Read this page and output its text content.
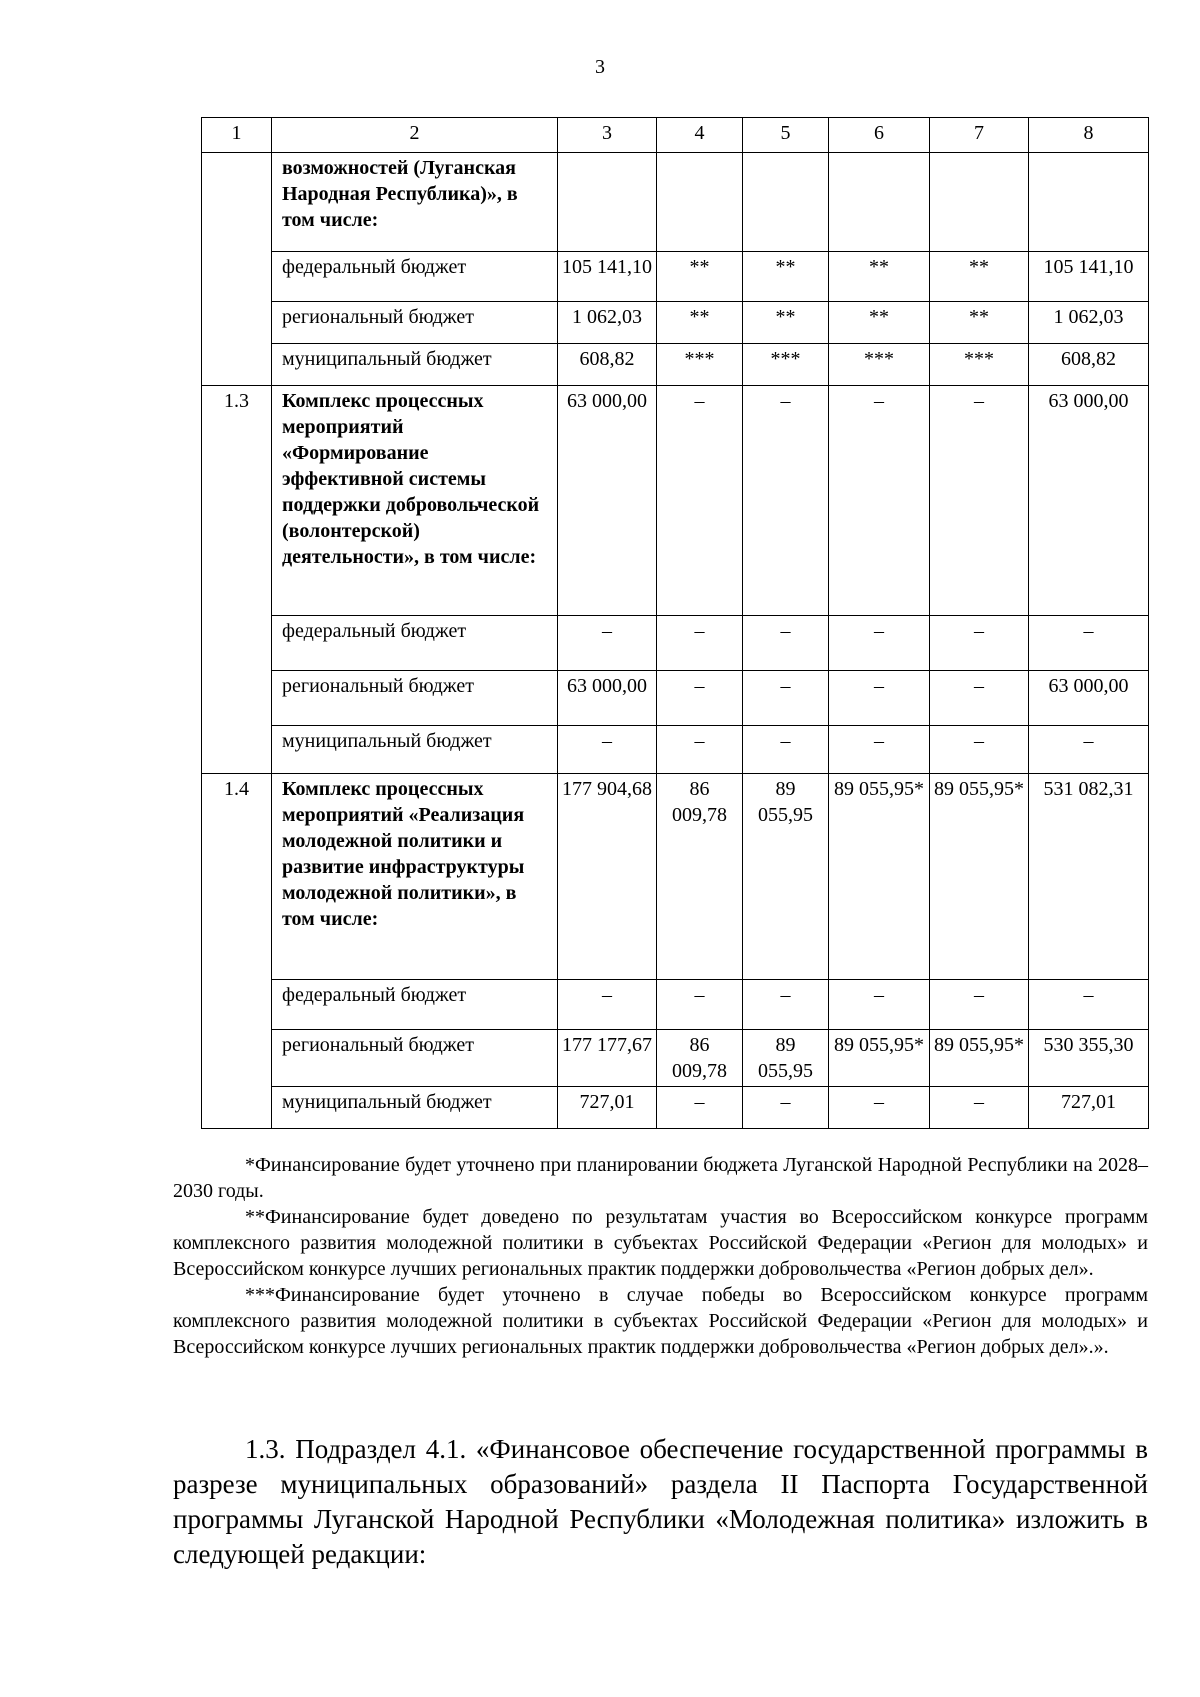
3
1	2	3	4	5	6	7	8
	возможностей (Луганская Народная Республика)», в том числе:						
	федеральный бюджет	105 141,10	**	**	**	**	105 141,10
	региональный бюджет	1 062,03	**	**	**	**	1 062,03
	муниципальный бюджет	608,82	***	***	***	***	608,82
1.3	Комплекс процессных мероприятий «Формирование эффективной системы поддержки добровольческой (волонтерской) деятельности», в том числе:	63 000,00	–	–	–	–	63 000,00
	федеральный бюджет	–	–	–	–	–	–
	региональный бюджет	63 000,00	–	–	–	–	63 000,00
	муниципальный бюджет	–	–	–	–	–	–
1.4	Комплекс процессных мероприятий «Реализация молодежной политики и развитие инфраструктуры молодежной политики», в том числе:	177 904,68	86 009,78	89 055,95	89 055,95*	89 055,95*	531 082,31
	федеральный бюджет	–	–	–	–	–	–
	региональный бюджет	177 177,67	86 009,78	89 055,95	89 055,95*	89 055,95*	530 355,30
	муниципальный бюджет	727,01	–	–	–	–	727,01

*Финансирование будет уточнено при планировании бюджета Луганской Народной Республики на 2028–2030 годы.

**Финансирование будет доведено по результатам участия во Всероссийском конкурсе программ комплексного развития молодежной политики в субъектах Российской Федерации «Регион для молодых» и Всероссийском конкурсе лучших региональных практик поддержки добровольчества «Регион добрых дел».

***Финансирование будет уточнено в случае победы во Всероссийском конкурсе программ комплексного развития молодежной политики в субъектах Российской Федерации «Регион для молодых» и Всероссийском конкурсе лучших региональных практик поддержки добровольчества «Регион добрых дел».».

1.3. Подраздел 4.1. «Финансовое обеспечение государственной программы в разрезе муниципальных образований» раздела II Паспорта Государственной программы Луганской Народной Республики «Молодежная политика» изложить в следующей редакции:
